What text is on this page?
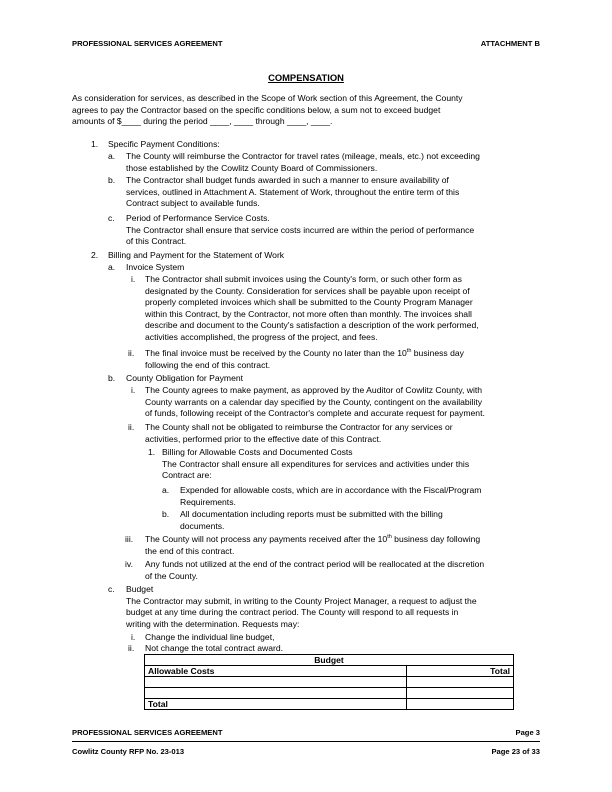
PROFESSIONAL SERVICES AGREEMENT	ATTACHMENT B
COMPENSATION
As consideration for services, as described in the Scope of Work section of this Agreement, the County
agrees to pay the Contractor based on the specific conditions below, a sum not to exceed budget
amounts of $____ during the period ____, ____ through ____, ____.
1. Specific Payment Conditions:
a. The County will reimburse the Contractor for travel rates (mileage, meals, etc.) not exceeding
those established by the Cowlitz County Board of Commissioners.
b. The Contractor shall budget funds awarded in such a manner to ensure availability of
services, outlined in Attachment A. Statement of Work, throughout the entire term of this
Contract subject to available funds.
c. Period of Performance Service Costs.
The Contractor shall ensure that service costs incurred are within the period of performance
of this Contract.
2. Billing and Payment for the Statement of Work
a. Invoice System
i. The Contractor shall submit invoices using the County's form, or such other form as
designated by the County. Consideration for services shall be payable upon receipt of
properly completed invoices which shall be submitted to the County Program Manager
within this Contract, by the Contractor, not more often than monthly. The invoices shall
describe and document to the County's satisfaction a description of the work performed,
activities accomplished, the progress of the project, and fees.
ii. The final invoice must be received by the County no later than the 10th business day
following the end of this contract.
b. County Obligation for Payment
i. The County agrees to make payment, as approved by the Auditor of Cowlitz County, with
County warrants on a calendar day specified by the County, contingent on the availability
of funds, following receipt of the Contractor's complete and accurate request for payment.
ii. The County shall not be obligated to reimburse the Contractor for any services or
activities, performed prior to the effective date of this Contract.
1. Billing for Allowable Costs and Documented Costs
The Contractor shall ensure all expenditures for services and activities under this
Contract are:
a. Expended for allowable costs, which are in accordance with the Fiscal/Program
Requirements.
b. All documentation including reports must be submitted with the billing
documents.
iii. The County will not process any payments received after the 10th business day following
the end of this contract.
iv. Any funds not utilized at the end of the contract period will be reallocated at the discretion
of the County.
c. Budget
The Contractor may submit, in writing to the County Project Manager, a request to adjust the
budget at any time during the contract period. The County will respond to all requests in
writing with the determination. Requests may:
i. Change the individual line budget,
ii. Not change the total contract award.
Budget	
Allowable Costs	Total

Total	
PROFESSIONAL SERVICES AGREEMENT	Page 3
Cowlitz County RFP No. 23-013	Page 23 of 33
